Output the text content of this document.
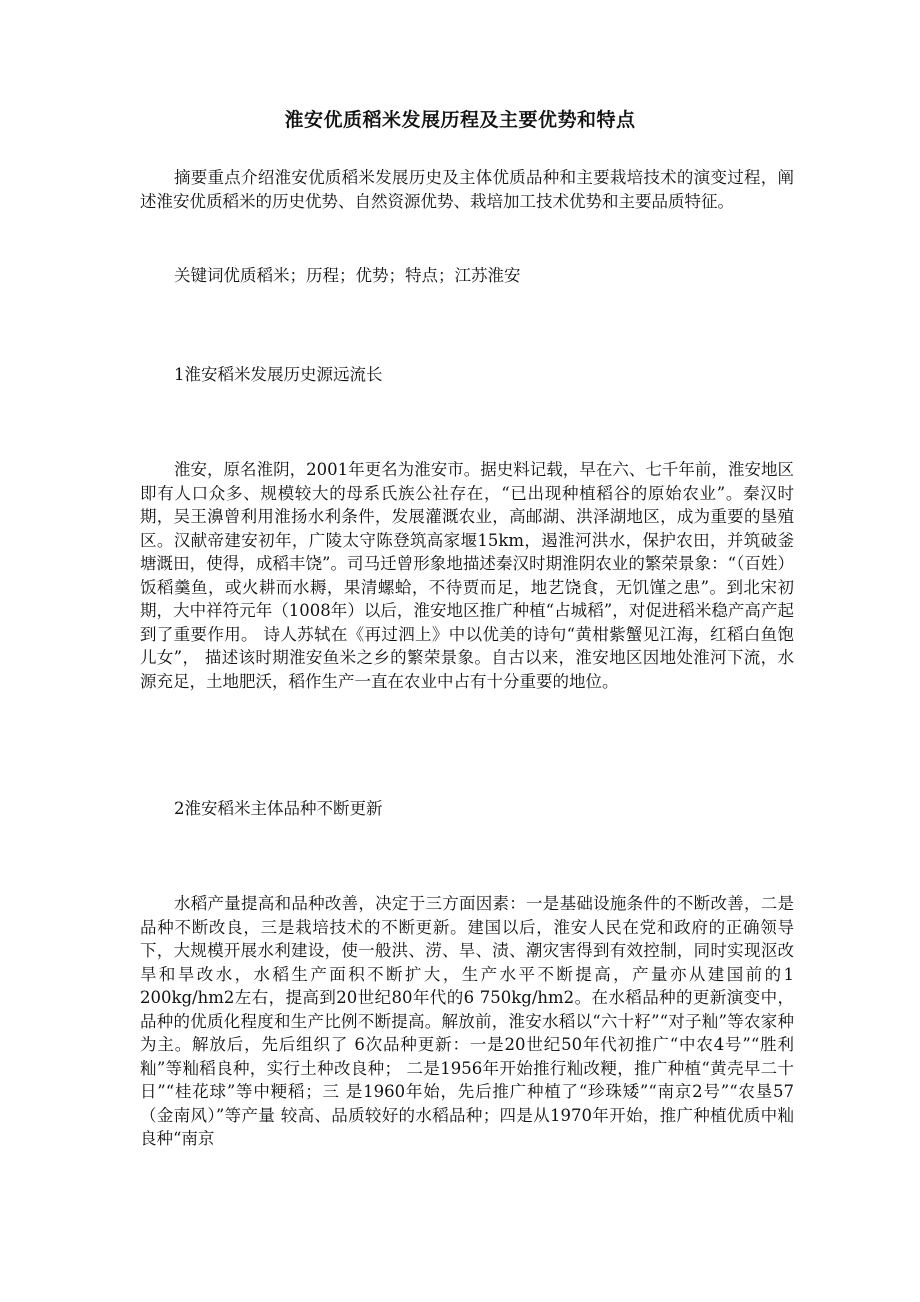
淮安优质稻米发展历程及主要优势和特点

摘要重点介绍淮安优质稻米发展历史及主体优质品种和主要栽培技术的演变过程，阐述淮安优质稻米的历史优势、自然资源优势、栽培加工技术优势和主要品质特征。

关键词优质稻米；历程；优势；特点；江苏淮安

1淮安稻米发展历史源远流长

淮安，原名淮阴，2001年更名为淮安市。据史料记载，早在六、七千年前，淮安地区即有人口众多、规模较大的母系氏族公社存在，“已出现种植稻谷的原始农业”。秦汉时期，吴王濞曾利用淮扬水利条件，发展灌溉农业，高邮湖、洪泽湖地区，成为重要的垦殖区。汉献帝建安初年，广陵太守陈登筑高家堰15km，遏淮河洪水，保护农田，并筑破釜塘溉田，使得，成稻丰饶”。司马迁曾形象地描述秦汉时期淮阴农业的繁荣景象：“（百姓）饭稻羹鱼，或火耕而水耨，果清螺蛤，不待贾而足，地艺饶食，无饥馑之患”。到北宋初期，大中祥符元年（1008年）以后，淮安地区推广种植“占城稻”，对促进稻米稳产高产起到了重要作用。 诗人苏轼在《再过泗上》中以优美的诗句“黄柑紫蟹见江海，红稻白鱼饱儿女”， 描述该时期淮安鱼米之乡的繁荣景象。自古以来，淮安地区因地处淮河下流，水 源充足，土地肥沃，稻作生产一直在农业中占有十分重要的地位。

2淮安稻米主体品种不断更新

水稻产量提高和品种改善，决定于三方面因素：一是基础设施条件的不断改善，二是品种不断改良，三是栽培技术的不断更新。建国以后，淮安人民在党和政府的正确领导下，大规模开展水利建设，使一般洪、涝、旱、渍、潮灾害得到有效控制，同时实现沤改旱和旱改水，水稻生产面积不断扩大，生产水平不断提高，产量亦从建国前的1 200kg/hm2左右，提高到20世纪80年代的6 750kg/hm2。在水稻品种的更新演变中，品种的优质化程度和生产比例不断提高。解放前，淮安水稻以“六十籽”“对子籼”等农家种为主。解放后，先后组织了 6次品种更新：一是20世纪50年代初推广“中农4号”“胜利籼”等籼稻良种，实行土种改良种； 二是1956年开始推行籼改粳，推广种植“黄壳早二十日”“桂花球”等中粳稻；三 是1960年始，先后推广种植了“珍珠矮”“南京2号”“农垦57 （金南风）”等产量 较高、品质较好的水稻品种；四是从1970年开始，推广种植优质中籼良种“南京
